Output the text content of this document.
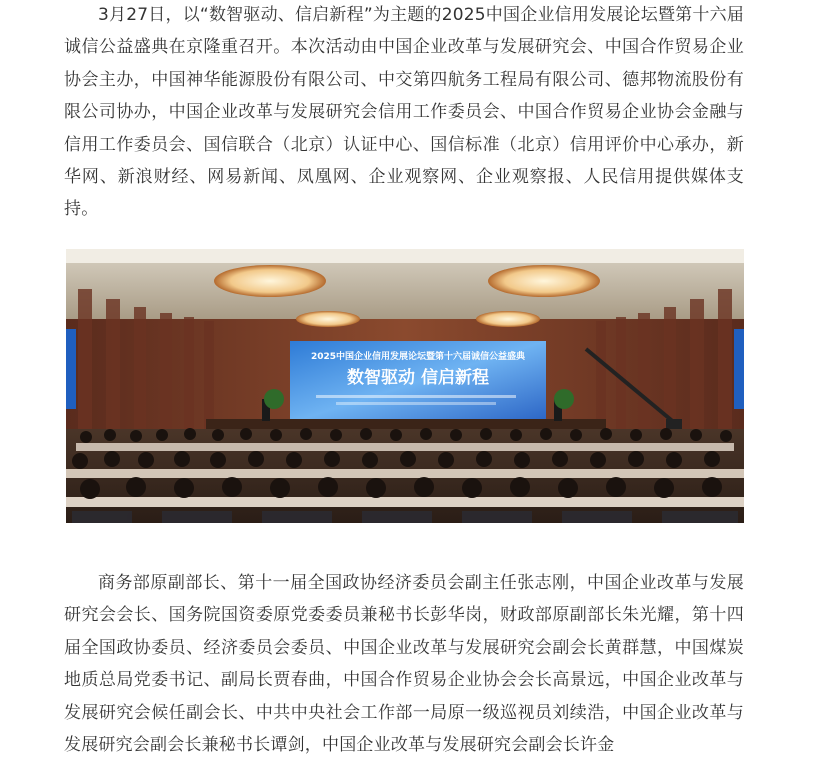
3月27日，以“数智驱动、信启新程”为主题的2025中国企业信用发展论坛暨第十六届诚信公益盛典在京隆重召开。本次活动由中国企业改革与发展研究会、中国合作贸易企业协会主办，中国神华能源股份有限公司、中交第四航务工程局有限公司、德邦物流股份有限公司协办，中国企业改革与发展研究会信用工作委员会、中国合作贸易企业协会金融与信用工作委员会、国信联合（北京）认证中心、国信标准（北京）信用评价中心承办，新华网、新浪财经、网易新闻、凤凰网、企业观察网、企业观察报、人民信用提供媒体支持。

2025中国企业信用发展论坛暨第十六届诚信公益盛典
数智驱动 信启新程

商务部原副部长、第十一届全国政协经济委员会副主任张志刚，中国企业改革与发展研究会会长、国务院国资委原党委委员兼秘书长彭华岗，财政部原副部长朱光耀，第十四届全国政协委员、经济委员会委员、中国企业改革与发展研究会副会长黄群慧，中国煤炭地质总局党委书记、副局长贾春曲，中国合作贸易企业协会会长高景远，中国企业改革与发展研究会候任副会长、中共中央社会工作部一局原一级巡视员刘续浩，中国企业改革与发展研究会副会长兼秘书长谭剑，中国企业改革与发展研究会副会长许金
